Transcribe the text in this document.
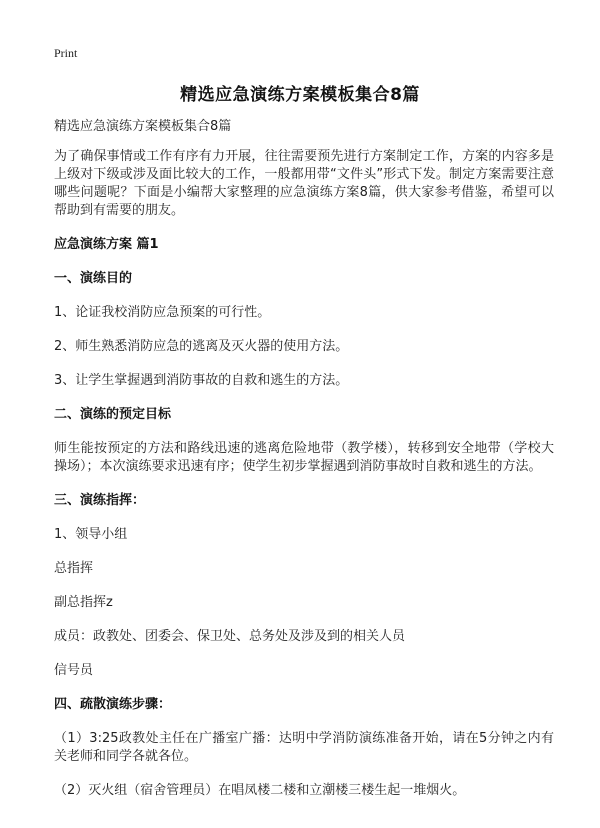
Print
精选应急演练方案模板集合8篇

精选应急演练方案模板集合8篇

为了确保事情或工作有序有力开展，往往需要预先进行方案制定工作，方案的内容多是上级对下级或涉及面比较大的工作，一般都用带“文件头”形式下发。制定方案需要注意哪些问题呢？下面是小编帮大家整理的应急演练方案8篇，供大家参考借鉴，希望可以帮助到有需要的朋友。

应急演练方案 篇1

一、演练目的

1、论证我校消防应急预案的可行性。

2、师生熟悉消防应急的逃离及灭火器的使用方法。

3、让学生掌握遇到消防事故的自救和逃生的方法。

二、演练的预定目标

师生能按预定的方法和路线迅速的逃离危险地带（教学楼），转移到安全地带（学校大操场）；本次演练要求迅速有序；使学生初步掌握遇到消防事故时自救和逃生的方法。

三、演练指挥：

1、领导小组

总指挥

副总指挥z

成员：政教处、团委会、保卫处、总务处及涉及到的相关人员

信号员

四、疏散演练步骤：

（1）3:25政教处主任在广播室广播：达明中学消防演练准备开始，请在5分钟之内有关老师和同学各就各位。

（2）灭火组（宿舍管理员）在唱凤楼二楼和立潮楼三楼生起一堆烟火。
